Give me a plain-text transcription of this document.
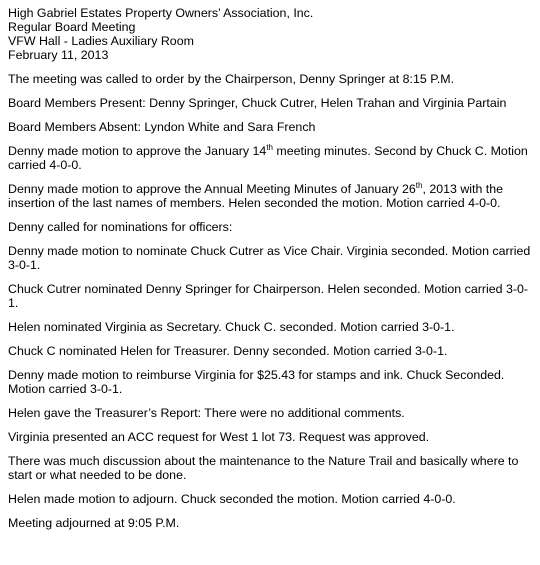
High Gabriel Estates Property Owners’ Association, Inc.
Regular Board Meeting
VFW Hall - Ladies Auxiliary Room
February 11, 2013

The meeting was called to order by the Chairperson, Denny Springer at 8:15 P.M.

Board Members Present: Denny Springer, Chuck Cutrer, Helen Trahan and Virginia Partain

Board Members Absent: Lyndon White and Sara French

Denny made motion to approve the January 14th meeting minutes. Second by Chuck C. Motion carried 4-0-0.

Denny made motion to approve the Annual Meeting Minutes of January 26th, 2013 with the insertion of the last names of members. Helen seconded the motion. Motion carried 4-0-0.

Denny called for nominations for officers:

Denny made motion to nominate Chuck Cutrer as Vice Chair. Virginia seconded. Motion carried 3-0-1.

Chuck Cutrer nominated Denny Springer for Chairperson. Helen seconded. Motion carried 3-0-1.

Helen nominated Virginia as Secretary. Chuck C. seconded. Motion carried 3-0-1.

Chuck C nominated Helen for Treasurer. Denny seconded. Motion carried 3-0-1.

Denny made motion to reimburse Virginia for $25.43 for stamps and ink. Chuck Seconded. Motion carried 3-0-1.

Helen gave the Treasurer’s Report: There were no additional comments.

Virginia presented an ACC request for West 1 lot 73. Request was approved.

There was much discussion about the maintenance to the Nature Trail and basically where to start or what needed to be done.

Helen made motion to adjourn. Chuck seconded the motion. Motion carried 4-0-0.

Meeting adjourned at 9:05 P.M.
